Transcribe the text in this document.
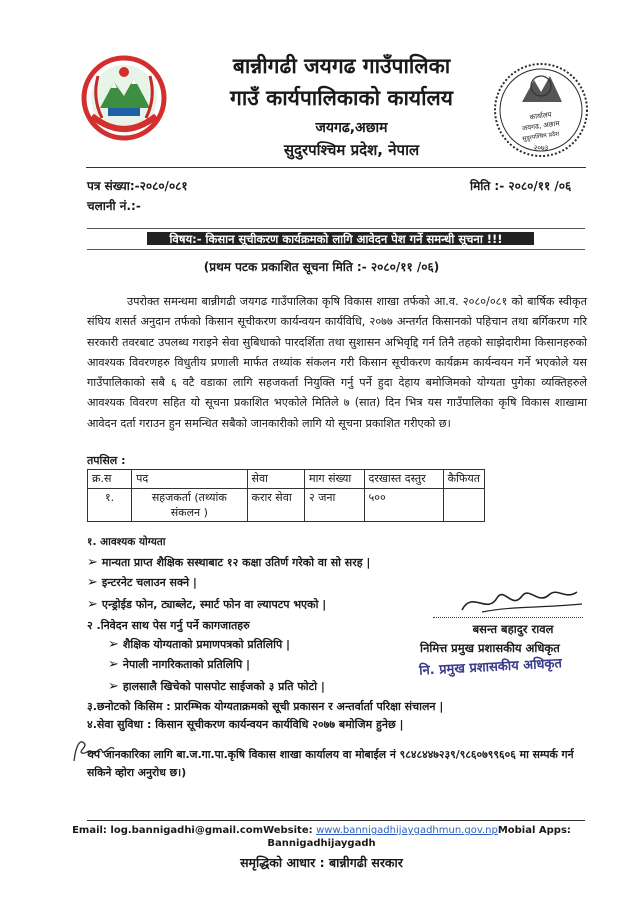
बान्नीगढी जयगढ गाउँपालिका
गाउँ कार्यपालिकाको कार्यालय
जयगढ,अछाम
सुदुरपश्चिम प्रदेश, नेपाल
कार्यालय
जयगढ, अछाम
सुदुरपश्चिम प्रदेश
२०७३
पत्र संख्या:-२०८०/०८१
चलानी नं.:-
मिति :- २०८०/११ /०६
विषय:- किसान सूचीकरण कार्यक्रमको लागि आवेदन पेश गर्ने समन्धी सूचना !!!
(प्रथम पटक प्रकाशित सूचना मिति :- २०८०/११ /०६)
उपरोक्त समन्धमा बान्नीगढी जयगढ गाउँपालिका कृषि विकास शाखा तर्फको आ.व. २०८०/०८१ को बार्षिक स्वीकृत संघिय शसर्त अनुदान तर्फको किसान सूचीकरण कार्यन्वयन कार्यविधि, २०७७ अन्तर्गत किसानको पहिचान तथा बर्गिकरण गरि सरकारी तवरबाट उपलब्ध गराइने सेवा सुबिधाको पारदर्शिता तथा सुशासन अभिवृद्दि गर्न तिनै तहको साझेदारीमा किसानहरुको आवश्यक विवरणहरु विधुतीय प्रणाली मार्फत तथ्यांक संकलन गरी किसान सूचीकरण कार्यक्रम कार्यन्वयन गर्ने भएकोले यस गाउँपालिकाको सबै ६ वटै वडाका लागि सहजकर्ता नियुक्ति गर्नु पर्ने हुदा देहाय बमोजिमको योग्यता पुगेका व्यक्तिहरुले आवश्यक विवरण सहित यो सूचना प्रकाशित भएकोले मितिले ७ (सात) दिन भित्र यस गाउँपालिका कृषि विकास शाखामा आवेदन दर्ता गराउन हुन समन्धित सबैको जानकारीको लागि यो सूचना प्रकाशित गरीएको छ।
तपसिल :
क्र.स	पद	सेवा	माग संख्या	दरखास्त दस्तुर	कैफियत
१.	सहजकर्ता (तथ्यांक संकलन )	करार सेवा	२ जना	५००	
१. आवश्यक योग्यता
➢ मान्यता प्राप्त शैक्षिक सस्थाबाट १२ कक्षा उतिर्ण गरेको वा सो सरह |
➢ इन्टरनेट चलाउन सक्ने |
➢ एन्ड्रोईड फोन, ट्याब्लेट, स्मार्ट फोन वा ल्यापटप भएको |
२ .निवेदन साथ पेस गर्नु पर्ने कागजातहरु
➢ शैक्षिक योग्यताको प्रमाणपत्रको प्रतिलिपि |
➢ नेपाली नागरिकताको प्रतिलिपि |
➢ हालसालै खिचेको पासपोट साईजको ३ प्रति फोटो |
३.छनोटको किसिम : प्रारम्भिक योग्यताक्रमको सूची प्रकासन र अन्तर्वार्ता परिक्षा संचालन |
४.सेवा सुविधा : किसान सूचीकरण कार्यन्वयन कार्यविधि २०७७ बमोजिम हुनेछ |
बसन्त बहादुर रावल
निमित्त प्रमुख प्रशासकीय अधिकृत
नि. प्रमुख प्रशासकीय अधिकृत
थप जानकारिका लागि बा.ज.गा.पा.कृषि विकास शाखा कार्यालय वा मोबाईल नं ९८४८४४७२३९/९८६०७९९६०६ मा सम्पर्क गर्न सकिने व्होरा अनुरोध छ।)
Email: log.bannigadhi@gmail.comWebsite: www.bannigadhijaygadhmun.gov.npMobial Apps:
Bannigadhijaygadh
समृद्धिको आधार : बान्नीगढी सरकार
